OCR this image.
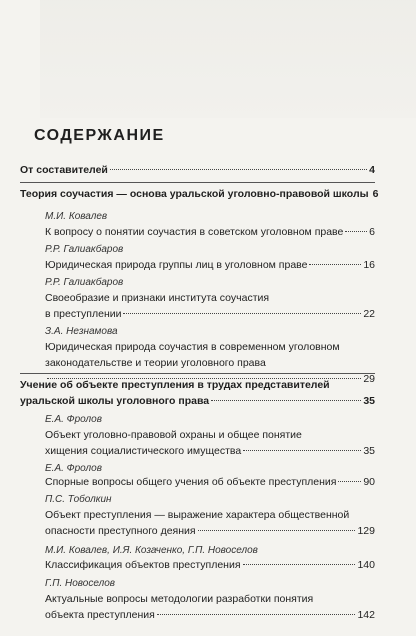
СОДЕРЖАНИЕ
От составителей	4
Теория соучастия — основа уральской уголовно-правовой школы 6
М.И. Ковалев
К вопросу о понятии соучастия в советском уголовном праве 6
Р.Р. Галиакбаров
Юридическая природа группы лиц в уголовном праве	16
Р.Р. Галиакбаров
Своеобразие и признаки института соучастия
в преступлении	22
З.А. Незнамова
Юридическая природа соучастия в современном уголовном
законодательстве и теории уголовного права
29
Учение об объекте преступления в трудах представителей
уральской школы уголовного права	35
Е.А. Фролов
Объект уголовно-правовой охраны и общее понятие
хищения социалистического имущества	35
Е.А. Фролов
Спорные вопросы общего учения об объекте преступления	90
П.С. Тоболкин
Объект преступления — выражение характера общественной
опасности преступного деяния	129
М.И. Ковалев, И.Я. Козаченко, Г.П. Новоселов
Классификация объектов преступления	140
Г.П. Новоселов
Актуальные вопросы методологии разработки понятия
объекта преступления	142
